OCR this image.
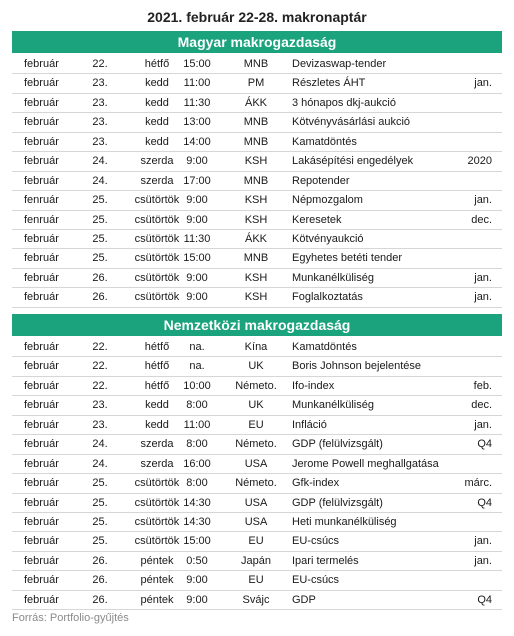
2021. február 22-28. makronaptár
Magyar makrogazdaság
február	22.	hétfő	15:00	MNB	Devizaswap-tender
február	23.	kedd	11:00	PM	Részletes ÁHT	jan.
február	23.	kedd	11:30	ÁKK	3 hónapos dkj-aukció
február	23.	kedd	13:00	MNB	Kötvényvásárlási aukció
február	23.	kedd	14:00	MNB	Kamatdöntés
február	24.	szerda	9:00	KSH	Lakásépítési engedélyek	2020
február	24.	szerda 17:00	MNB	Repotender
fenruár	25.	csütörtök 9:00	KSH	Népmozgalom	jan.
fenruár	25.	csütörtök 9:00	KSH	Keresetek	dec.
február	25.	csütörtök 11:30	ÁKK	Kötvényaukció
február	25.	csütörtök 15:00	MNB	Egyhetes betéti tender
február	26.	csütörtök 9:00	KSH	Munkanélküliség	jan.
február	26.	csütörtök 9:00	KSH	Foglalkoztatás	jan.
Nemzetközi makrogazdaság
február	22.	hétfő	na.	Kína	Kamatdöntés
február	22.	hétfő	na.	UK	Boris Johnson bejelentése
február	22.	hétfő	10:00	Németo.	Ifo-index	feb.
február	23.	kedd	8:00	UK	Munkanélküliség	dec.
február	23.	kedd	11:00	EU	Infláció	jan.
február	24.	szerda	8:00	Németo.	GDP (felülvizsgált)	Q4
február	24.	szerda 16:00	USA	Jerome Powell meghallgatása
február	25.	csütörtök 8:00	Németo.	Gfk-index	márc.
február	25.	csütörtök 14:30	USA	GDP (felülvizsgált)	Q4
február	25.	csütörtök 14:30	USA	Heti munkanélküliség
február	25.	csütörtök 15:00	EU	EU-csúcs	jan.
február	26.	péntek	0:50	Japán	Ipari termelés	jan.
február	26.	péntek	9:00	EU	EU-csúcs
február	26.	péntek	9:00	Svájc	GDP	Q4
Forrás: Portfolio-gyűjtés
